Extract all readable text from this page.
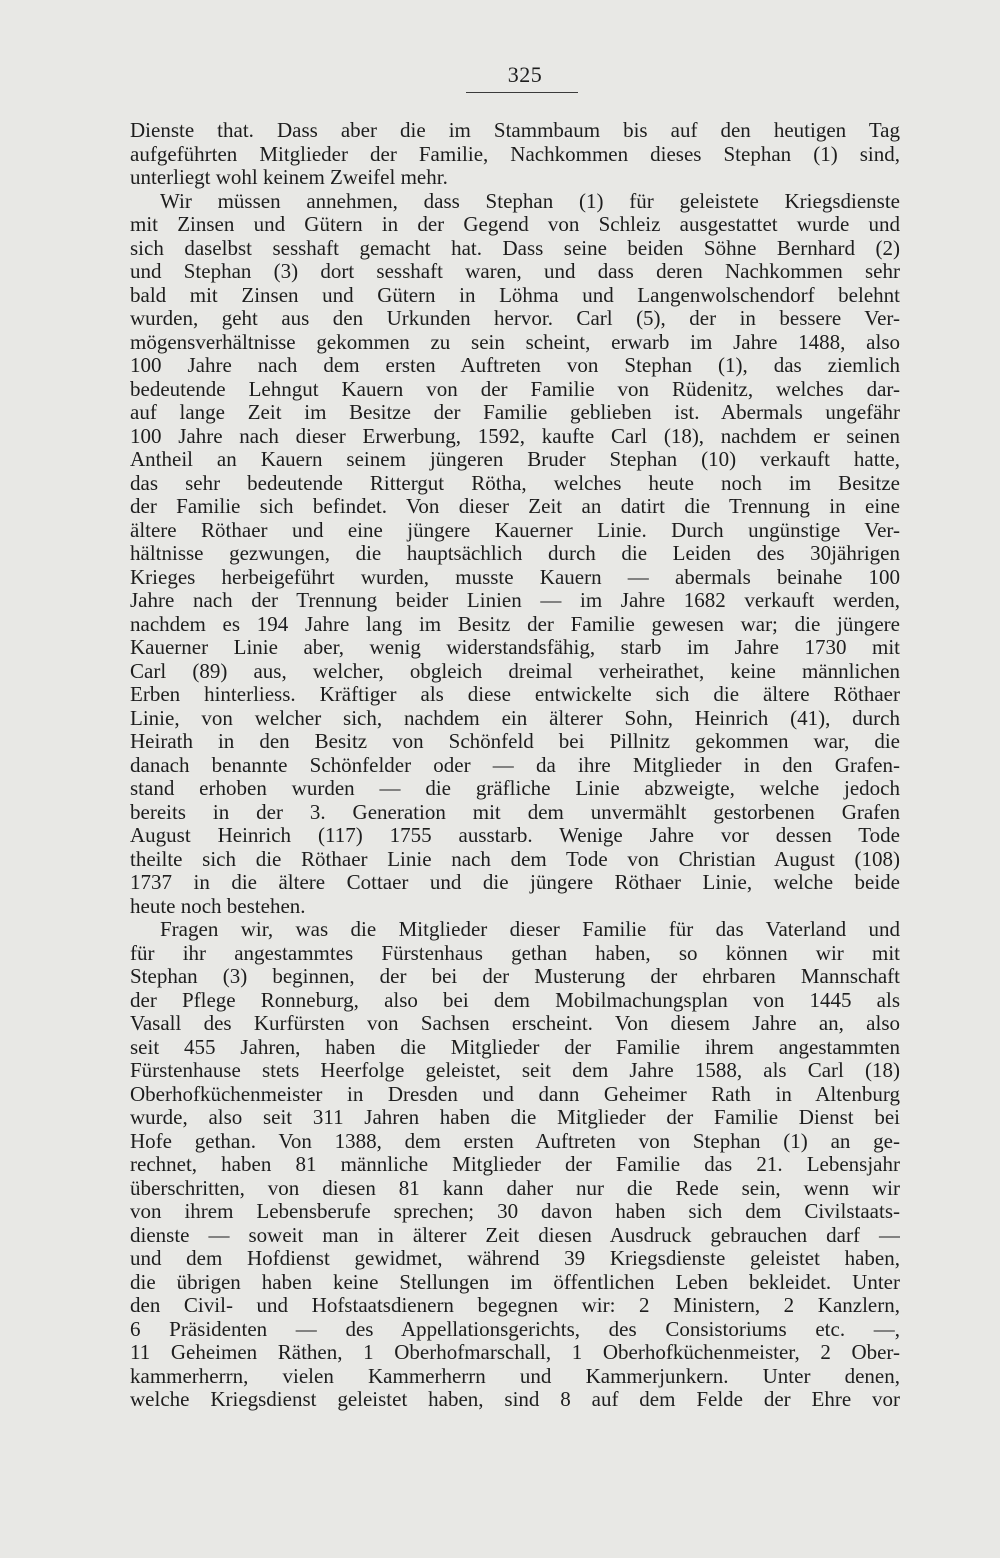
325
Dienste that. Dass aber die im Stammbaum bis auf den heutigen Tag
aufgeführten Mitglieder der Familie, Nachkommen dieses Stephan (1) sind,
unterliegt wohl keinem Zweifel mehr.
Wir müssen annehmen, dass Stephan (1) für geleistete Kriegsdienste
mit Zinsen und Gütern in der Gegend von Schleiz ausgestattet wurde und
sich daselbst sesshaft gemacht hat. Dass seine beiden Söhne Bernhard (2)
und Stephan (3) dort sesshaft waren, und dass deren Nachkommen sehr
bald mit Zinsen und Gütern in Löhma und Langenwolschendorf belehnt
wurden, geht aus den Urkunden hervor. Carl (5), der in bessere Ver-
mögensverhältnisse gekommen zu sein scheint, erwarb im Jahre 1488, also
100 Jahre nach dem ersten Auftreten von Stephan (1), das ziemlich
bedeutende Lehngut Kauern von der Familie von Rüdenitz, welches dar-
auf lange Zeit im Besitze der Familie geblieben ist. Abermals ungefähr
100 Jahre nach dieser Erwerbung, 1592, kaufte Carl (18), nachdem er seinen
Antheil an Kauern seinem jüngeren Bruder Stephan (10) verkauft hatte,
das sehr bedeutende Rittergut Rötha, welches heute noch im Besitze
der Familie sich befindet. Von dieser Zeit an datirt die Trennung in eine
ältere Röthaer und eine jüngere Kauerner Linie. Durch ungünstige Ver-
hältnisse gezwungen, die hauptsächlich durch die Leiden des 30jährigen
Krieges herbeigeführt wurden, musste Kauern — abermals beinahe 100
Jahre nach der Trennung beider Linien — im Jahre 1682 verkauft werden,
nachdem es 194 Jahre lang im Besitz der Familie gewesen war; die jüngere
Kauerner Linie aber, wenig widerstandsfähig, starb im Jahre 1730 mit
Carl (89) aus, welcher, obgleich dreimal verheirathet, keine männlichen
Erben hinterliess. Kräftiger als diese entwickelte sich die ältere Röthaer
Linie, von welcher sich, nachdem ein älterer Sohn, Heinrich (41), durch
Heirath in den Besitz von Schönfeld bei Pillnitz gekommen war, die
danach benannte Schönfelder oder — da ihre Mitglieder in den Grafen-
stand erhoben wurden — die gräfliche Linie abzweigte, welche jedoch
bereits in der 3. Generation mit dem unvermählt gestorbenen Grafen
August Heinrich (117) 1755 ausstarb. Wenige Jahre vor dessen Tode
theilte sich die Röthaer Linie nach dem Tode von Christian August (108)
1737 in die ältere Cottaer und die jüngere Röthaer Linie, welche beide
heute noch bestehen.
Fragen wir, was die Mitglieder dieser Familie für das Vaterland und
für ihr angestammtes Fürstenhaus gethan haben, so können wir mit
Stephan (3) beginnen, der bei der Musterung der ehrbaren Mannschaft
der Pflege Ronneburg, also bei dem Mobilmachungsplan von 1445 als
Vasall des Kurfürsten von Sachsen erscheint. Von diesem Jahre an, also
seit 455 Jahren, haben die Mitglieder der Familie ihrem angestammten
Fürstenhause stets Heerfolge geleistet, seit dem Jahre 1588, als Carl (18)
Oberhofküchenmeister in Dresden und dann Geheimer Rath in Altenburg
wurde, also seit 311 Jahren haben die Mitglieder der Familie Dienst bei
Hofe gethan. Von 1388, dem ersten Auftreten von Stephan (1) an ge-
rechnet, haben 81 männliche Mitglieder der Familie das 21. Lebensjahr
überschritten, von diesen 81 kann daher nur die Rede sein, wenn wir
von ihrem Lebensberufe sprechen; 30 davon haben sich dem Civilstaats-
dienste — soweit man in älterer Zeit diesen Ausdruck gebrauchen darf —
und dem Hofdienst gewidmet, während 39 Kriegsdienste geleistet haben,
die übrigen haben keine Stellungen im öffentlichen Leben bekleidet. Unter
den Civil- und Hofstaatsdienern begegnen wir: 2 Ministern, 2 Kanzlern,
6 Präsidenten — des Appellationsgerichts, des Consistoriums etc. —,
11 Geheimen Räthen, 1 Oberhofmarschall, 1 Oberhofküchenmeister, 2 Ober-
kammerherrn, vielen Kammerherrn und Kammerjunkern. Unter denen,
welche Kriegsdienst geleistet haben, sind 8 auf dem Felde der Ehre vor
